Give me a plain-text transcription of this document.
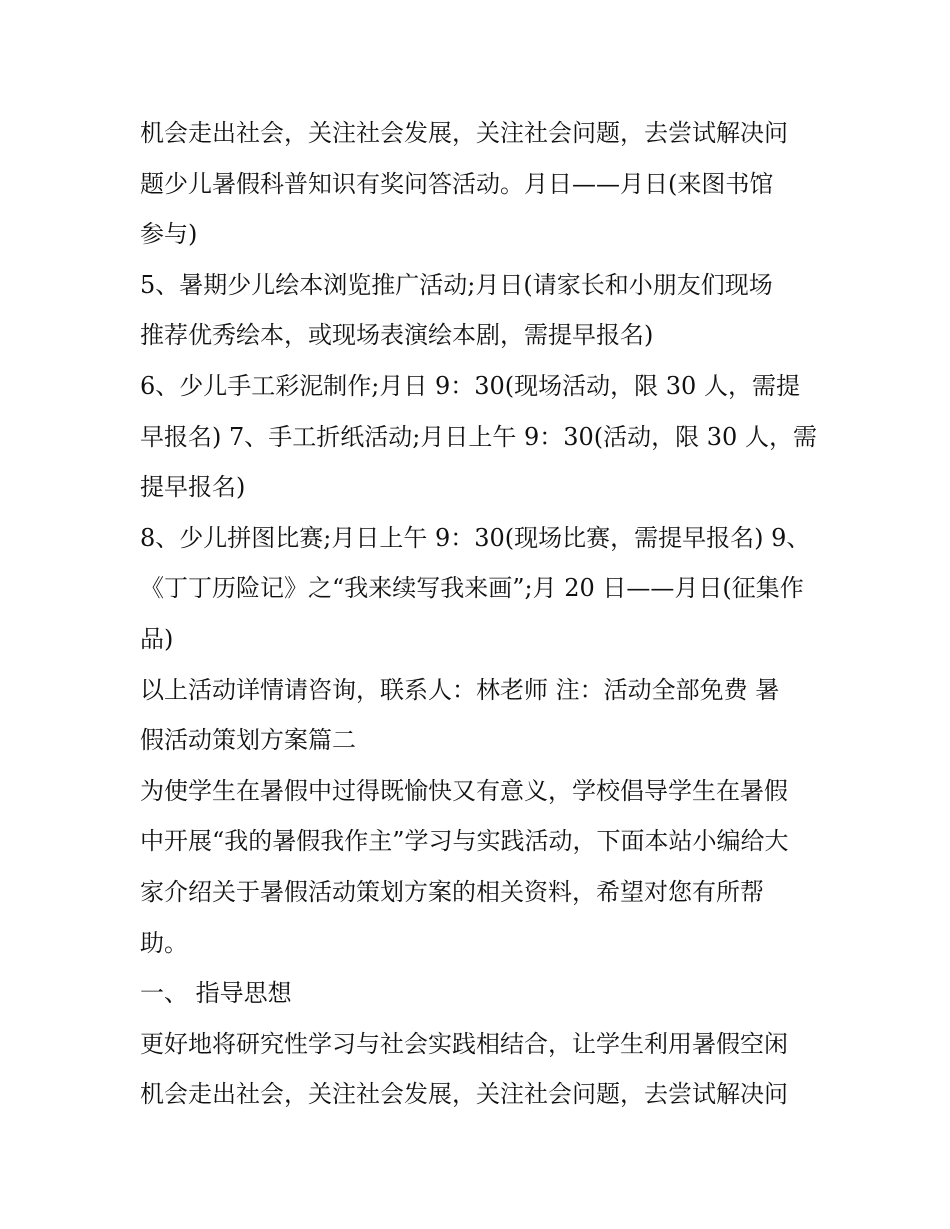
机会走出社会，关注社会发展，关注社会问题，去尝试解决问
题少儿暑假科普知识有奖问答活动。月日——月日(来图书馆
参与)
5、暑期少儿绘本浏览推广活动;月日(请家长和小朋友们现场
推荐优秀绘本，或现场表演绘本剧，需提早报名)
6、少儿手工彩泥制作;月日 9：30(现场活动，限 30 人，需提
早报名) 7、手工折纸活动;月日上午 9：30(活动，限 30 人，需
提早报名)
8、少儿拼图比赛;月日上午 9：30(现场比赛，需提早报名) 9、
《丁丁历险记》之“我来续写我来画”;月 20 日——月日(征集作
品)
以上活动详情请咨询，联系人：林老师 注：活动全部免费 暑
假活动策划方案篇二
为使学生在暑假中过得既愉快又有意义，学校倡导学生在暑假
中开展“我的暑假我作主”学习与实践活动，下面本站小编给大
家介绍关于暑假活动策划方案的相关资料，希望对您有所帮
助。
一、 指导思想
更好地将研究性学习与社会实践相结合，让学生利用暑假空闲
机会走出社会，关注社会发展，关注社会问题，去尝试解决问
